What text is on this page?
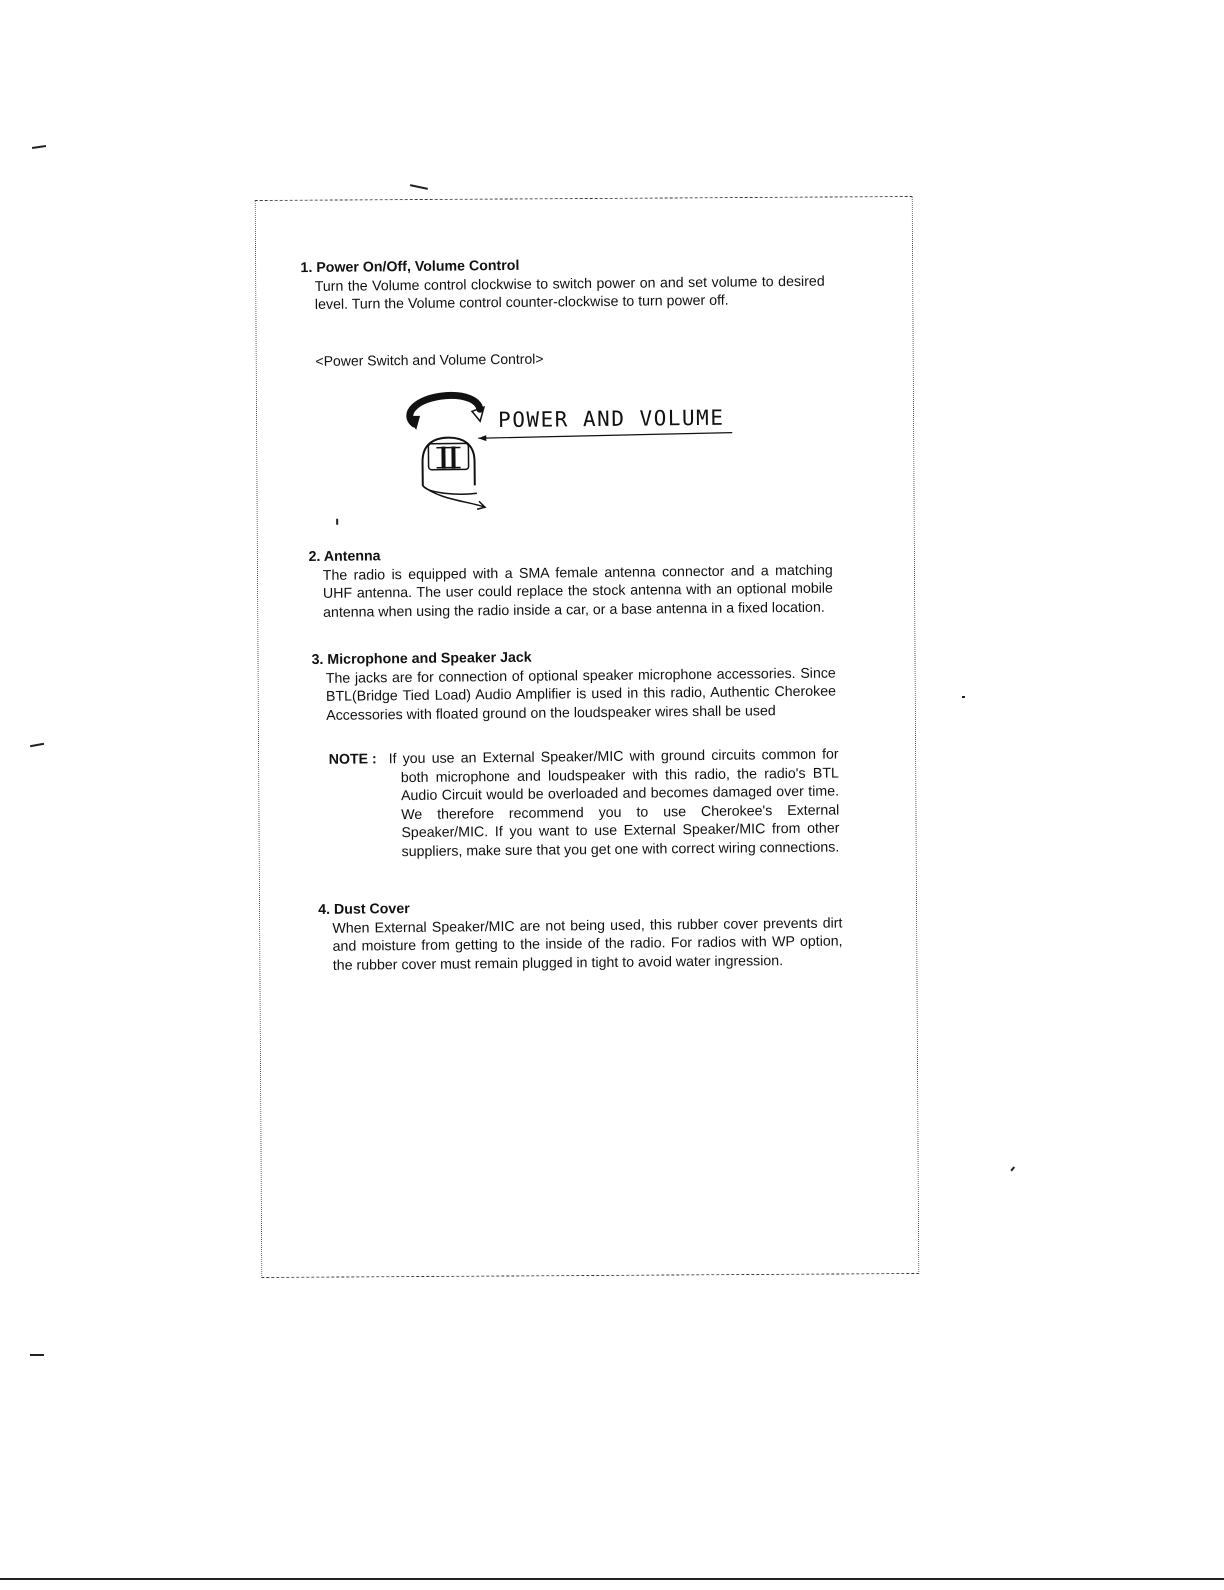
1. Power On/Off, Volume Control
Turn the Volume control clockwise to switch power on and set volume to desired level. Turn the Volume control counter-clockwise to turn power off.
<Power Switch and Volume Control>
POWER AND VOLUME
2. Antenna
The radio is equipped with a SMA female antenna connector and a matching UHF antenna. The user could replace the stock antenna with an optional mobile antenna when using the radio inside a car, or a base antenna in a fixed location.
3. Microphone and Speaker Jack
The jacks are for connection of optional speaker microphone accessories. Since BTL(Bridge Tied Load) Audio Amplifier is used in this radio, Authentic Cherokee Accessories with floated ground on the loudspeaker wires shall be used
NOTE : If you use an External Speaker/MIC with ground circuits common for both microphone and loudspeaker with this radio, the radio's BTL Audio Circuit would be overloaded and becomes damaged over time. We therefore recommend you to use Cherokee's External Speaker/MIC. If you want to use External Speaker/MIC from other suppliers, make sure that you get one with correct wiring connections.
4. Dust Cover
When External Speaker/MIC are not being used, this rubber cover prevents dirt and moisture from getting to the inside of the radio. For radios with WP option, the rubber cover must remain plugged in tight to avoid water ingression.
